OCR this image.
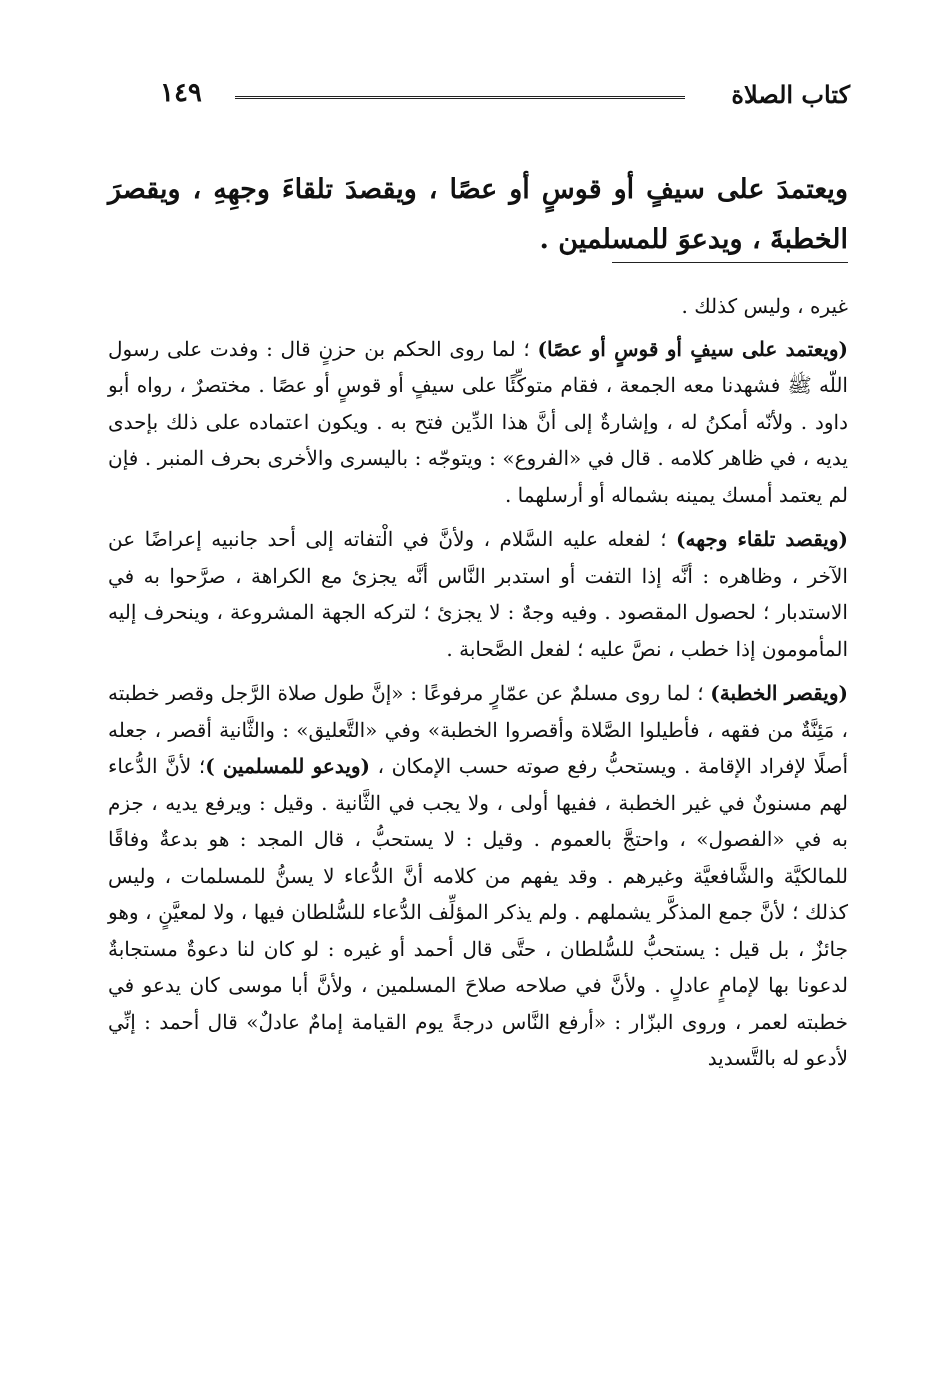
١٤٩	كتاب الصلاة
ويعتمدَ على سيفٍ أو قوسٍ أو عصًا ، ويقصدَ تلقاءَ وجهِهِ ، ويقصرَ الخطبةَ ، ويدعوَ للمسلمين .

غيره ، وليس كذلك .

(ويعتمد على سيفٍ أو قوسٍ أو عصًا) ؛ لما روى الحكم بن حزنٍ قال : وفدت على رسول اللّه ﷺ فشهدنا معه الجمعة ، فقام متوكِّئًا على سيفٍ أو قوسٍ أو عصًا . مختصرٌ ، رواه أبو داود . ولأنّه أمكنُ له ، وإشارةٌ إلى أنَّ هذا الدِّين فتح به . ويكون اعتماده على ذلك بإحدى يديه ، في ظاهر كلامه . قال في «الفروع» : ويتوجّه : باليسرى والأخرى بحرف المنبر . فإن لم يعتمد أمسك يمينه بشماله أو أرسلهما .

(ويقصد تلقاء وجهه) ؛ لفعله عليه السَّلام ، ولأنَّ في الْتفاته إلى أحد جانبيه إعراضًا عن الآخر ، وظاهره : أنَّه إذا التفت أو استدبر النَّاس أنَّه يجزئ مع الكراهة ، صرَّحوا به في الاستدبار ؛ لحصول المقصود . وفيه وجهٌ : لا يجزئ ؛ لتركه الجهة المشروعة ، وينحرف إليه المأمومون إذا خطب ، نصَّ عليه ؛ لفعل الصَّحابة .

(ويقصر الخطبة) ؛ لما روى مسلمٌ عن عمّارٍ مرفوعًا : «إنَّ طول صلاة الرَّجل وقصر خطبته ، مَئِنَّةٌ من فقهه ، فأطيلوا الصَّلاة وأقصروا الخطبة» وفي «التَّعليق» : والثَّانية أقصر ، جعله أصلًا لإفراد الإقامة . ويستحبُّ رفع صوته حسب الإمكان ، (ويدعو للمسلمين )؛ لأنَّ الدُّعاء لهم مسنونٌ في غير الخطبة ، ففيها أولى ، ولا يجب في الثَّانية . وقيل : ويرفع يديه ، جزم به في «الفصول» ، واحتجَّ بالعموم . وقيل : لا يستحبُّ ، قال المجد : هو بدعةٌ وفاقًا للمالكيَّة والشَّافعيَّة وغيرهم . وقد يفهم من كلامه أنَّ الدُّعاء لا يسنُّ للمسلمات ، وليس كذلك ؛ لأنَّ جمع المذكَّر يشملهم . ولم يذكر المؤلِّف الدُّعاء للسُّلطان فيها ، ولا لمعيَّنٍ ، وهو جائزٌ ، بل قيل : يستحبُّ للسُّلطان ، حتَّى قال أحمد أو غيره : لو كان لنا دعوةٌ مستجابةٌ لدعونا بها لإمامٍ عادلٍ . ولأنَّ في صلاحه صلاحَ المسلمين ، ولأنَّ أبا موسى كان يدعو في خطبته لعمر ، وروى البزّار : «أرفع النَّاس درجةً يوم القيامة إمامٌ عادلٌ» قال أحمد : إنِّي لأدعو له بالتَّسديد
